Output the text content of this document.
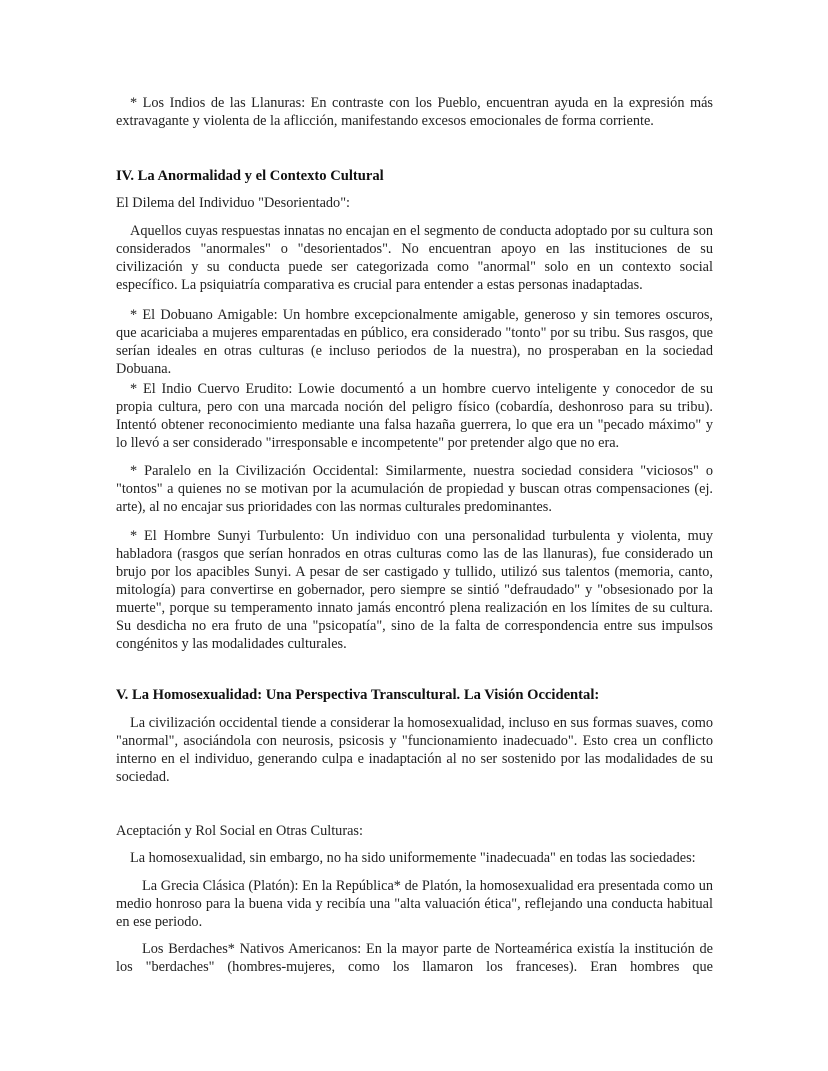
* Los Indios de las Llanuras: En contraste con los Pueblo, encuentran ayuda en la expresión más extravagante y violenta de la aflicción, manifestando excesos emocionales de forma corriente.

IV. La Anormalidad y el Contexto Cultural

El Dilema del Individuo "Desorientado":

Aquellos cuyas respuestas innatas no encajan en el segmento de conducta adoptado por su cultura son considerados "anormales" o "desorientados". No encuentran apoyo en las instituciones de su civilización y su conducta puede ser categorizada como "anormal" solo en un contexto social específico. La psiquiatría comparativa es crucial para entender a estas personas inadaptadas.

* El Dobuano Amigable: Un hombre excepcionalmente amigable, generoso y sin temores oscuros, que acariciaba a mujeres emparentadas en público, era considerado "tonto" por su tribu. Sus rasgos, que serían ideales en otras culturas (e incluso periodos de la nuestra), no prosperaban en la sociedad Dobuana.

* El Indio Cuervo Erudito: Lowie documentó a un hombre cuervo inteligente y conocedor de su propia cultura, pero con una marcada noción del peligro físico (cobardía, deshonroso para su tribu). Intentó obtener reconocimiento mediante una falsa hazaña guerrera, lo que era un "pecado máximo" y lo llevó a ser considerado "irresponsable e incompetente" por pretender algo que no era.

* Paralelo en la Civilización Occidental: Similarmente, nuestra sociedad considera "viciosos" o "tontos" a quienes no se motivan por la acumulación de propiedad y buscan otras compensaciones (ej. arte), al no encajar sus prioridades con las normas culturales predominantes.

* El Hombre Sunyi Turbulento: Un individuo con una personalidad turbulenta y violenta, muy habladora (rasgos que serían honrados en otras culturas como las de las llanuras), fue considerado un brujo por los apacibles Sunyi. A pesar de ser castigado y tullido, utilizó sus talentos (memoria, canto, mitología) para convertirse en gobernador, pero siempre se sintió "defraudado" y "obsesionado por la muerte", porque su temperamento innato jamás encontró plena realización en los límites de su cultura. Su desdicha no era fruto de una "psicopatía", sino de la falta de correspondencia entre sus impulsos congénitos y las modalidades culturales.

V. La Homosexualidad: Una Perspectiva Transcultural. La Visión Occidental:

La civilización occidental tiende a considerar la homosexualidad, incluso en sus formas suaves, como "anormal", asociándola con neurosis, psicosis y "funcionamiento inadecuado". Esto crea un conflicto interno en el individuo, generando culpa e inadaptación al no ser sostenido por las modalidades de su sociedad.

Aceptación y Rol Social en Otras Culturas:

La homosexualidad, sin embargo, no ha sido uniformemente "inadecuada" en todas las sociedades:

La Grecia Clásica (Platón): En la República* de Platón, la homosexualidad era presentada como un medio honroso para la buena vida y recibía una "alta valuación ética", reflejando una conducta habitual en ese periodo.

Los Berdaches* Nativos Americanos: En la mayor parte de Norteamérica existía la institución de los "berdaches" (hombres-mujeres, como los llamaron los franceses). Eran hombres que
